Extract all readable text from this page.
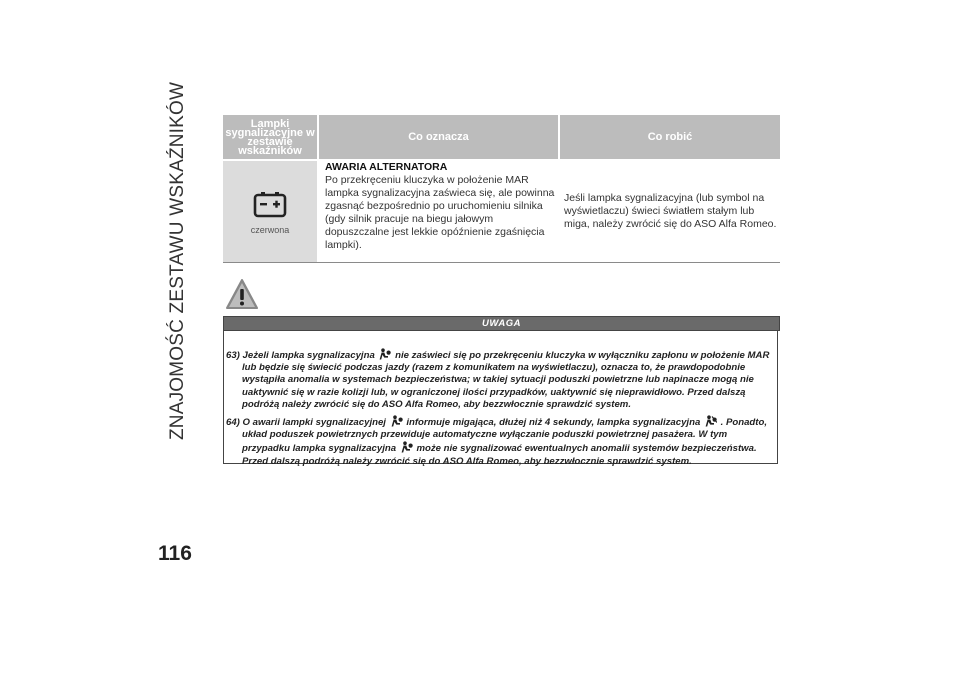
ZNAJOMOŚĆ ZESTAWU WSKAŹNIKÓW
116
Lampki sygnalizacyjne w zestawie wskaźników
Co oznacza	Co robić
czerwona
AWARIA ALTERNATORA
Po przekręceniu kluczyka w położenie MAR lampka sygnalizacyjna zaświeca się, ale powinna zgasnąć bezpośrednio po uruchomieniu silnika (gdy silnik pracuje na biegu jałowym dopuszczalne jest lekkie opóźnienie zgaśnięcia lampki).
Jeśli lampka sygnalizacyjna (lub symbol na wyświetlaczu) świeci światłem stałym lub miga, należy zwrócić się do ASO Alfa Romeo.
UWAGA
63) Jeżeli lampka sygnalizacyjna nie zaświeci się po przekręceniu kluczyka w wyłączniku zapłonu w położenie MAR lub będzie się świecić podczas jazdy (razem z komunikatem na wyświetlaczu), oznacza to, że prawdopodobnie wystąpiła anomalia w systemach bezpieczeństwa; w takiej sytuacji poduszki powietrzne lub napinacze mogą nie uaktywnić się w razie kolizji lub, w ograniczonej ilości przypadków, uaktywnić się nieprawidłowo. Przed dalszą podróżą należy zwrócić się do ASO Alfa Romeo, aby bezzwłocznie sprawdzić system.
64) O awarii lampki sygnalizacyjnej informuje migająca, dłużej niż 4 sekundy, lampka sygnalizacyjna . Ponadto, układ poduszek powietrznych przewiduje automatyczne wyłączanie poduszki powietrznej pasażera. W tym przypadku lampka sygnalizacyjna może nie sygnalizować ewentualnych anomalii systemów bezpieczeństwa. Przed dalszą podróżą należy zwrócić się do ASO Alfa Romeo, aby bezzwłocznie sprawdzić system.
